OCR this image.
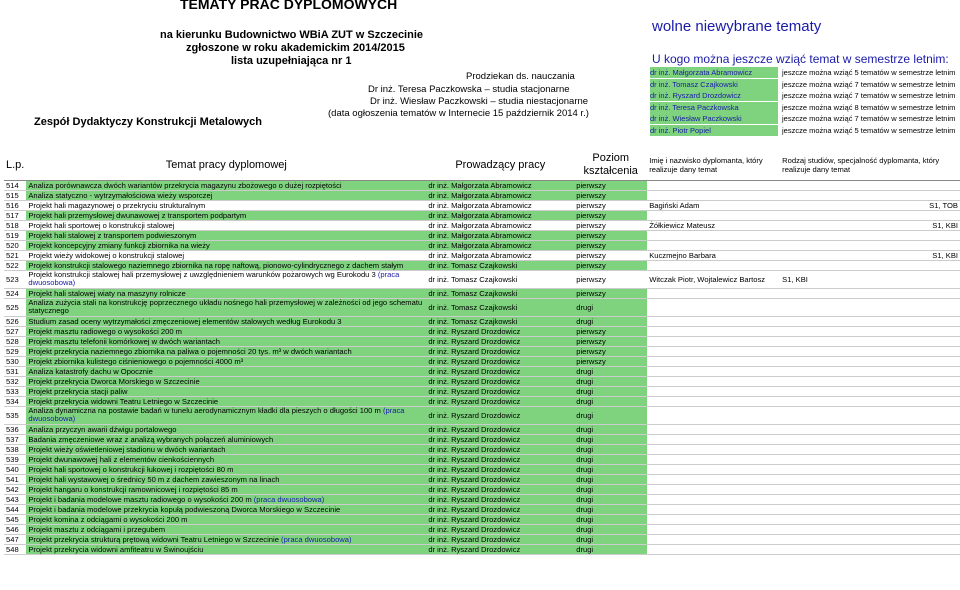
TEMATY PRAC DYPLOMOWYCH
na kierunku Budownictwo WBiA ZUT w Szczecinie
zgłoszone w roku akademickim 2014/2015
lista uzupełniająca nr 1
Prodziekan ds. nauczania
Dr inż. Teresa Paczkowska – studia stacjonarne
Dr inż. Wiesław Paczkowski – studia niestacjonarne
(data ogłoszenia tematów w Internecie 15 październik 2014 r.)
Zespół Dydaktyczy Konstrukcji Metalowych
wolne niewybrane tematy
U kogo można jeszcze wziąć temat w semestrze letnim:
dr inż. Małgorzata Abramowicz	jeszcze można wziąć 5 tematów w semestrze letnim
dr inż. Tomasz Czajkowski	jeszcze można wziąć 7 tematów w semestrze letnim
dr inż. Ryszard Drozdowicz	jeszcze można wziąć 7 tematów w semestrze letnim
dr inż. Teresa Paczkowska	jeszcze można wziąć 8 tematów w semestrze letnim
dr inż. Wiesław Paczkowski	jeszcze można wziąć 7 tematów w semestrze letnim
dr inż. Piotr Popiel	jeszcze można wziąć 5 tematów w semestrze letnim
L.p.	Temat pracy dyplomowej	Prowadzący pracy	Poziom kształcenia	Imię i nazwisko dyplomanta, który realizuje dany temat	Rodzaj studiów, specjalność dyplomanta, który realizuje dany temat
514	Analiza porównawcza dwóch wariantów przekrycia magazynu zbożowego o dużej rozpiętości	dr inż. Małgorzata Abramowicz	pierwszy		
515	Analiza statyczno - wytrzymałościowa wieży wsporczej	dr inż. Małgorzata Abramowicz	pierwszy		
516	Projekt hali magazynowej o przekryciu strukturalnym	dr inż. Małgorzata Abramowicz	pierwszy	Bagiński Adam	S1, TOB
517	Projekt hali przemysłowej dwunawowej z transportem podpartym	dr inż. Małgorzata Abramowicz	pierwszy		
518	Projekt hali sportowej o konstrukcji stalowej	dr inż. Małgorzata Abramowicz	pierwszy	Żółkiewicz Mateusz	S1, KBI
519	Projekt hali stalowej z transportem podwieszonym	dr inż. Małgorzata Abramowicz	pierwszy		
520	Projekt koncepcyjny zmiany funkcji zbiornika na wieży	dr inż. Małgorzata Abramowicz	pierwszy		
521	Projekt wieży widokowej o konstrukcji stalowej	dr inż. Małgorzata Abramowicz	pierwszy	Kuczmejno Barbara	S1, KBI
522	Projekt konstrukcji stalowego naziemnego zbiornika na ropę naftową, pionowo-cylindrycznego z dachem stałym	dr inż. Tomasz Czajkowski	pierwszy		
523	Projekt konstrukcji stalowej hali przemysłowej z uwzględnieniem warunków pożarowych wg Eurokodu 3 (praca dwuosobowa)	dr inż. Tomasz Czajkowski	pierwszy	Witczak Piotr, Wojtalewicz Bartosz	S1, KBI
524	Projekt hali stalowej wiaty na maszyny rolnicze	dr inż. Tomasz Czajkowski	pierwszy		
525	Analiza zużycia stali na konstrukcję poprzecznego układu nośnego hali przemysłowej w zależności od jego schematu statycznego	dr inż. Tomasz Czajkowski	drugi		
526	Studium zasad oceny wytrzymałości zmęczeniowej elementów stalowych według Eurokodu 3	dr inż. Tomasz Czajkowski	drugi		
527	Projekt masztu radiowego o wysokości 200 m	dr inż. Ryszard Drozdowicz	pierwszy		
528	Projekt masztu telefonii komórkowej w dwóch wariantach	dr inż. Ryszard Drozdowicz	pierwszy		
529	Projekt przekrycia naziemnego zbiornika na paliwa o pojemności 20 tys. m³ w dwóch wariantach	dr inż. Ryszard Drozdowicz	pierwszy		
530	Projekt zbiornika kulistego ciśnieniowego o pojemności 4000 m³	dr inż. Ryszard Drozdowicz	pierwszy		
531	Analiza katastrofy dachu w Opocznie	dr inż. Ryszard Drozdowicz	drugi		
532	Projekt przekrycia Dworca Morskiego w Szczecinie	dr inż. Ryszard Drozdowicz	drugi		
533	Projekt przekrycia stacji paliw	dr inż. Ryszard Drozdowicz	drugi		
534	Projekt przekrycia widowni Teatru Letniego w Szczecinie	dr inż. Ryszard Drozdowicz	drugi		
535	Analiza dynamiczna na postawie badań w tunelu aerodynamicznym kładki dla pieszych o długości 100 m (praca dwuosobowa)	dr inż. Ryszard Drozdowicz	drugi		
536	Analiza przyczyn awarii dźwigu portalowego	dr inż. Ryszard Drozdowicz	drugi		
537	Badania zmęczeniowe wraz z analizą wybranych połączeń aluminiowych	dr inż. Ryszard Drozdowicz	drugi		
538	Projekt wieży oświetleniowej stadionu w dwóch wariantach	dr inż. Ryszard Drozdowicz	drugi		
539	Projekt dwunawowej hali z elementów cienkościennych	dr inż. Ryszard Drozdowicz	drugi		
540	Projekt hali sportowej o konstrukcji łukowej i rozpiętości 80 m	dr inż. Ryszard Drozdowicz	drugi		
541	Projekt hali wystawowej o średnicy 50 m z dachem zawieszonym na linach	dr inż. Ryszard Drozdowicz	drugi		
542	Projekt hangaru o konstrukcji ramownicowej i rozpiętości 85 m	dr inż. Ryszard Drozdowicz	drugi		
543	Projekt i badania modelowe masztu radiowego o wysokości 200 m (praca dwuosobowa)	dr inż. Ryszard Drozdowicz	drugi		
544	Projekt i badania modelowe przekrycia kopułą podwieszoną Dworca Morskiego w Szczecinie	dr inż. Ryszard Drozdowicz	drugi		
545	Projekt komina z odciągami o wysokości 200 m	dr inż. Ryszard Drozdowicz	drugi		
546	Projekt masztu z odciągami i przegubem	dr inż. Ryszard Drozdowicz	drugi		
547	Projekt przekrycia strukturą prętową widowni Teatru Letniego w Szczecinie (praca dwuosobowa)	dr inż. Ryszard Drozdowicz	drugi		
548	Projekt przekrycia widowni amfiteatru w Świnoujściu	dr inż. Ryszard Drozdowicz	drugi		
